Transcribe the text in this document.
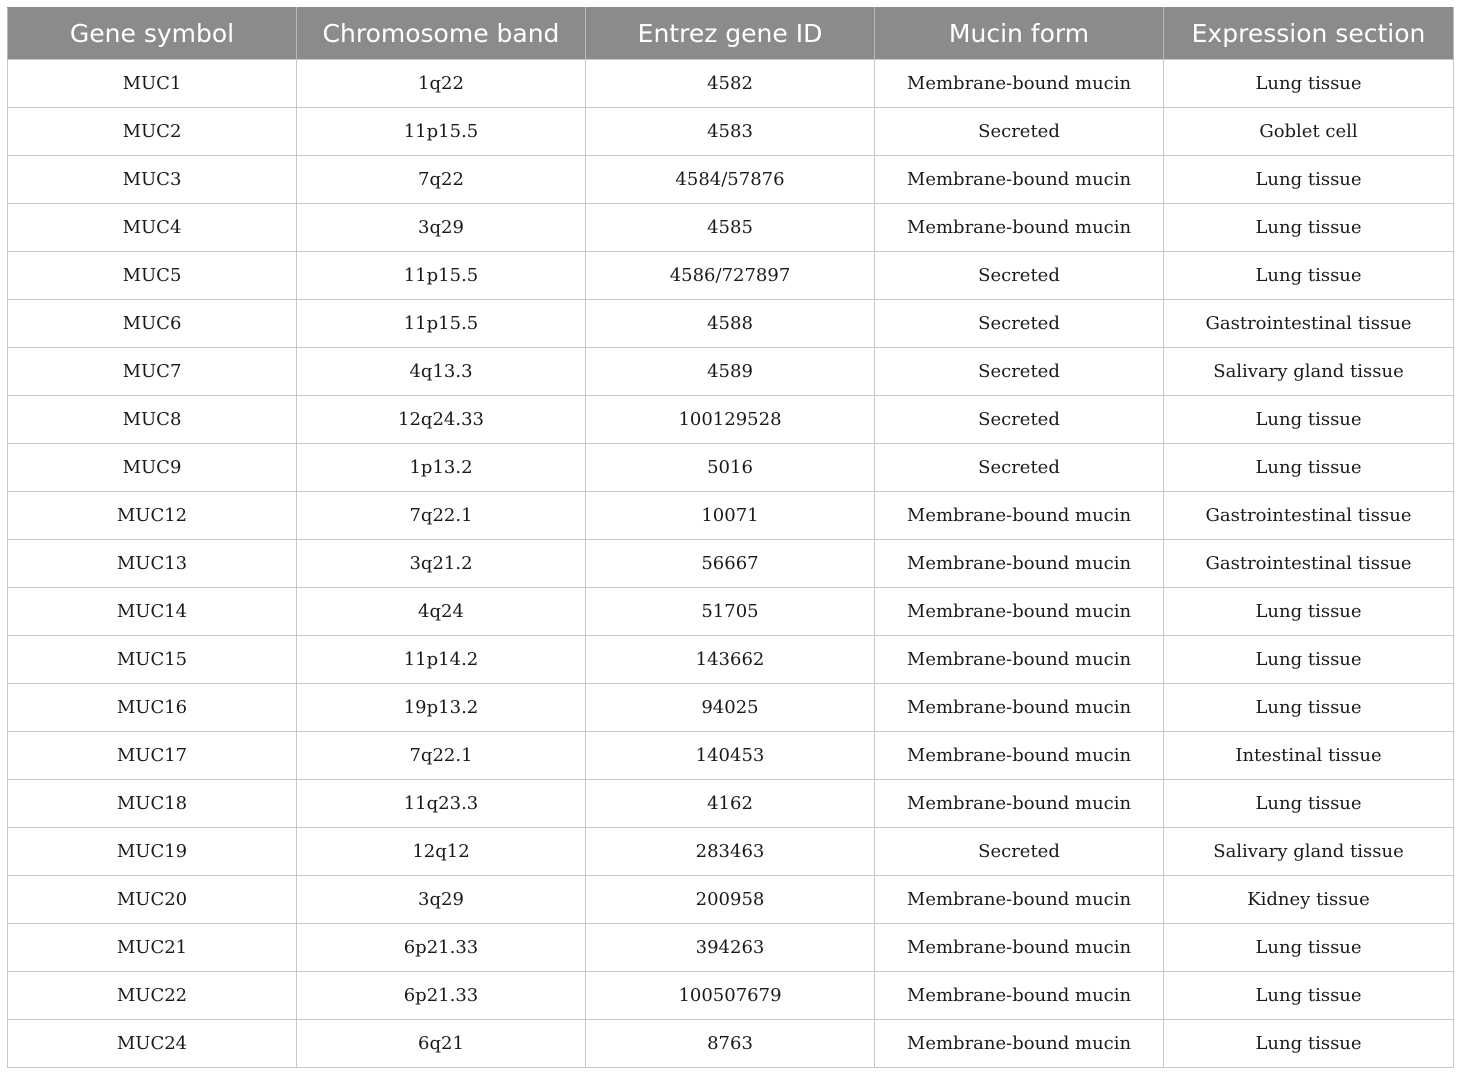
Gene symbol	Chromosome band	Entrez gene ID	Mucin form	Expression section
MUC1	1q22	4582	Membrane-bound mucin	Lung tissue
MUC2	11p15.5	4583	Secreted	Goblet cell
MUC3	7q22	4584/57876	Membrane-bound mucin	Lung tissue
MUC4	3q29	4585	Membrane-bound mucin	Lung tissue
MUC5	11p15.5	4586/727897	Secreted	Lung tissue
MUC6	11p15.5	4588	Secreted	Gastrointestinal tissue
MUC7	4q13.3	4589	Secreted	Salivary gland tissue
MUC8	12q24.33	100129528	Secreted	Lung tissue
MUC9	1p13.2	5016	Secreted	Lung tissue
MUC12	7q22.1	10071	Membrane-bound mucin	Gastrointestinal tissue
MUC13	3q21.2	56667	Membrane-bound mucin	Gastrointestinal tissue
MUC14	4q24	51705	Membrane-bound mucin	Lung tissue
MUC15	11p14.2	143662	Membrane-bound mucin	Lung tissue
MUC16	19p13.2	94025	Membrane-bound mucin	Lung tissue
MUC17	7q22.1	140453	Membrane-bound mucin	Intestinal tissue
MUC18	11q23.3	4162	Membrane-bound mucin	Lung tissue
MUC19	12q12	283463	Secreted	Salivary gland tissue
MUC20	3q29	200958	Membrane-bound mucin	Kidney tissue
MUC21	6p21.33	394263	Membrane-bound mucin	Lung tissue
MUC22	6p21.33	100507679	Membrane-bound mucin	Lung tissue
MUC24	6q21	8763	Membrane-bound mucin	Lung tissue
